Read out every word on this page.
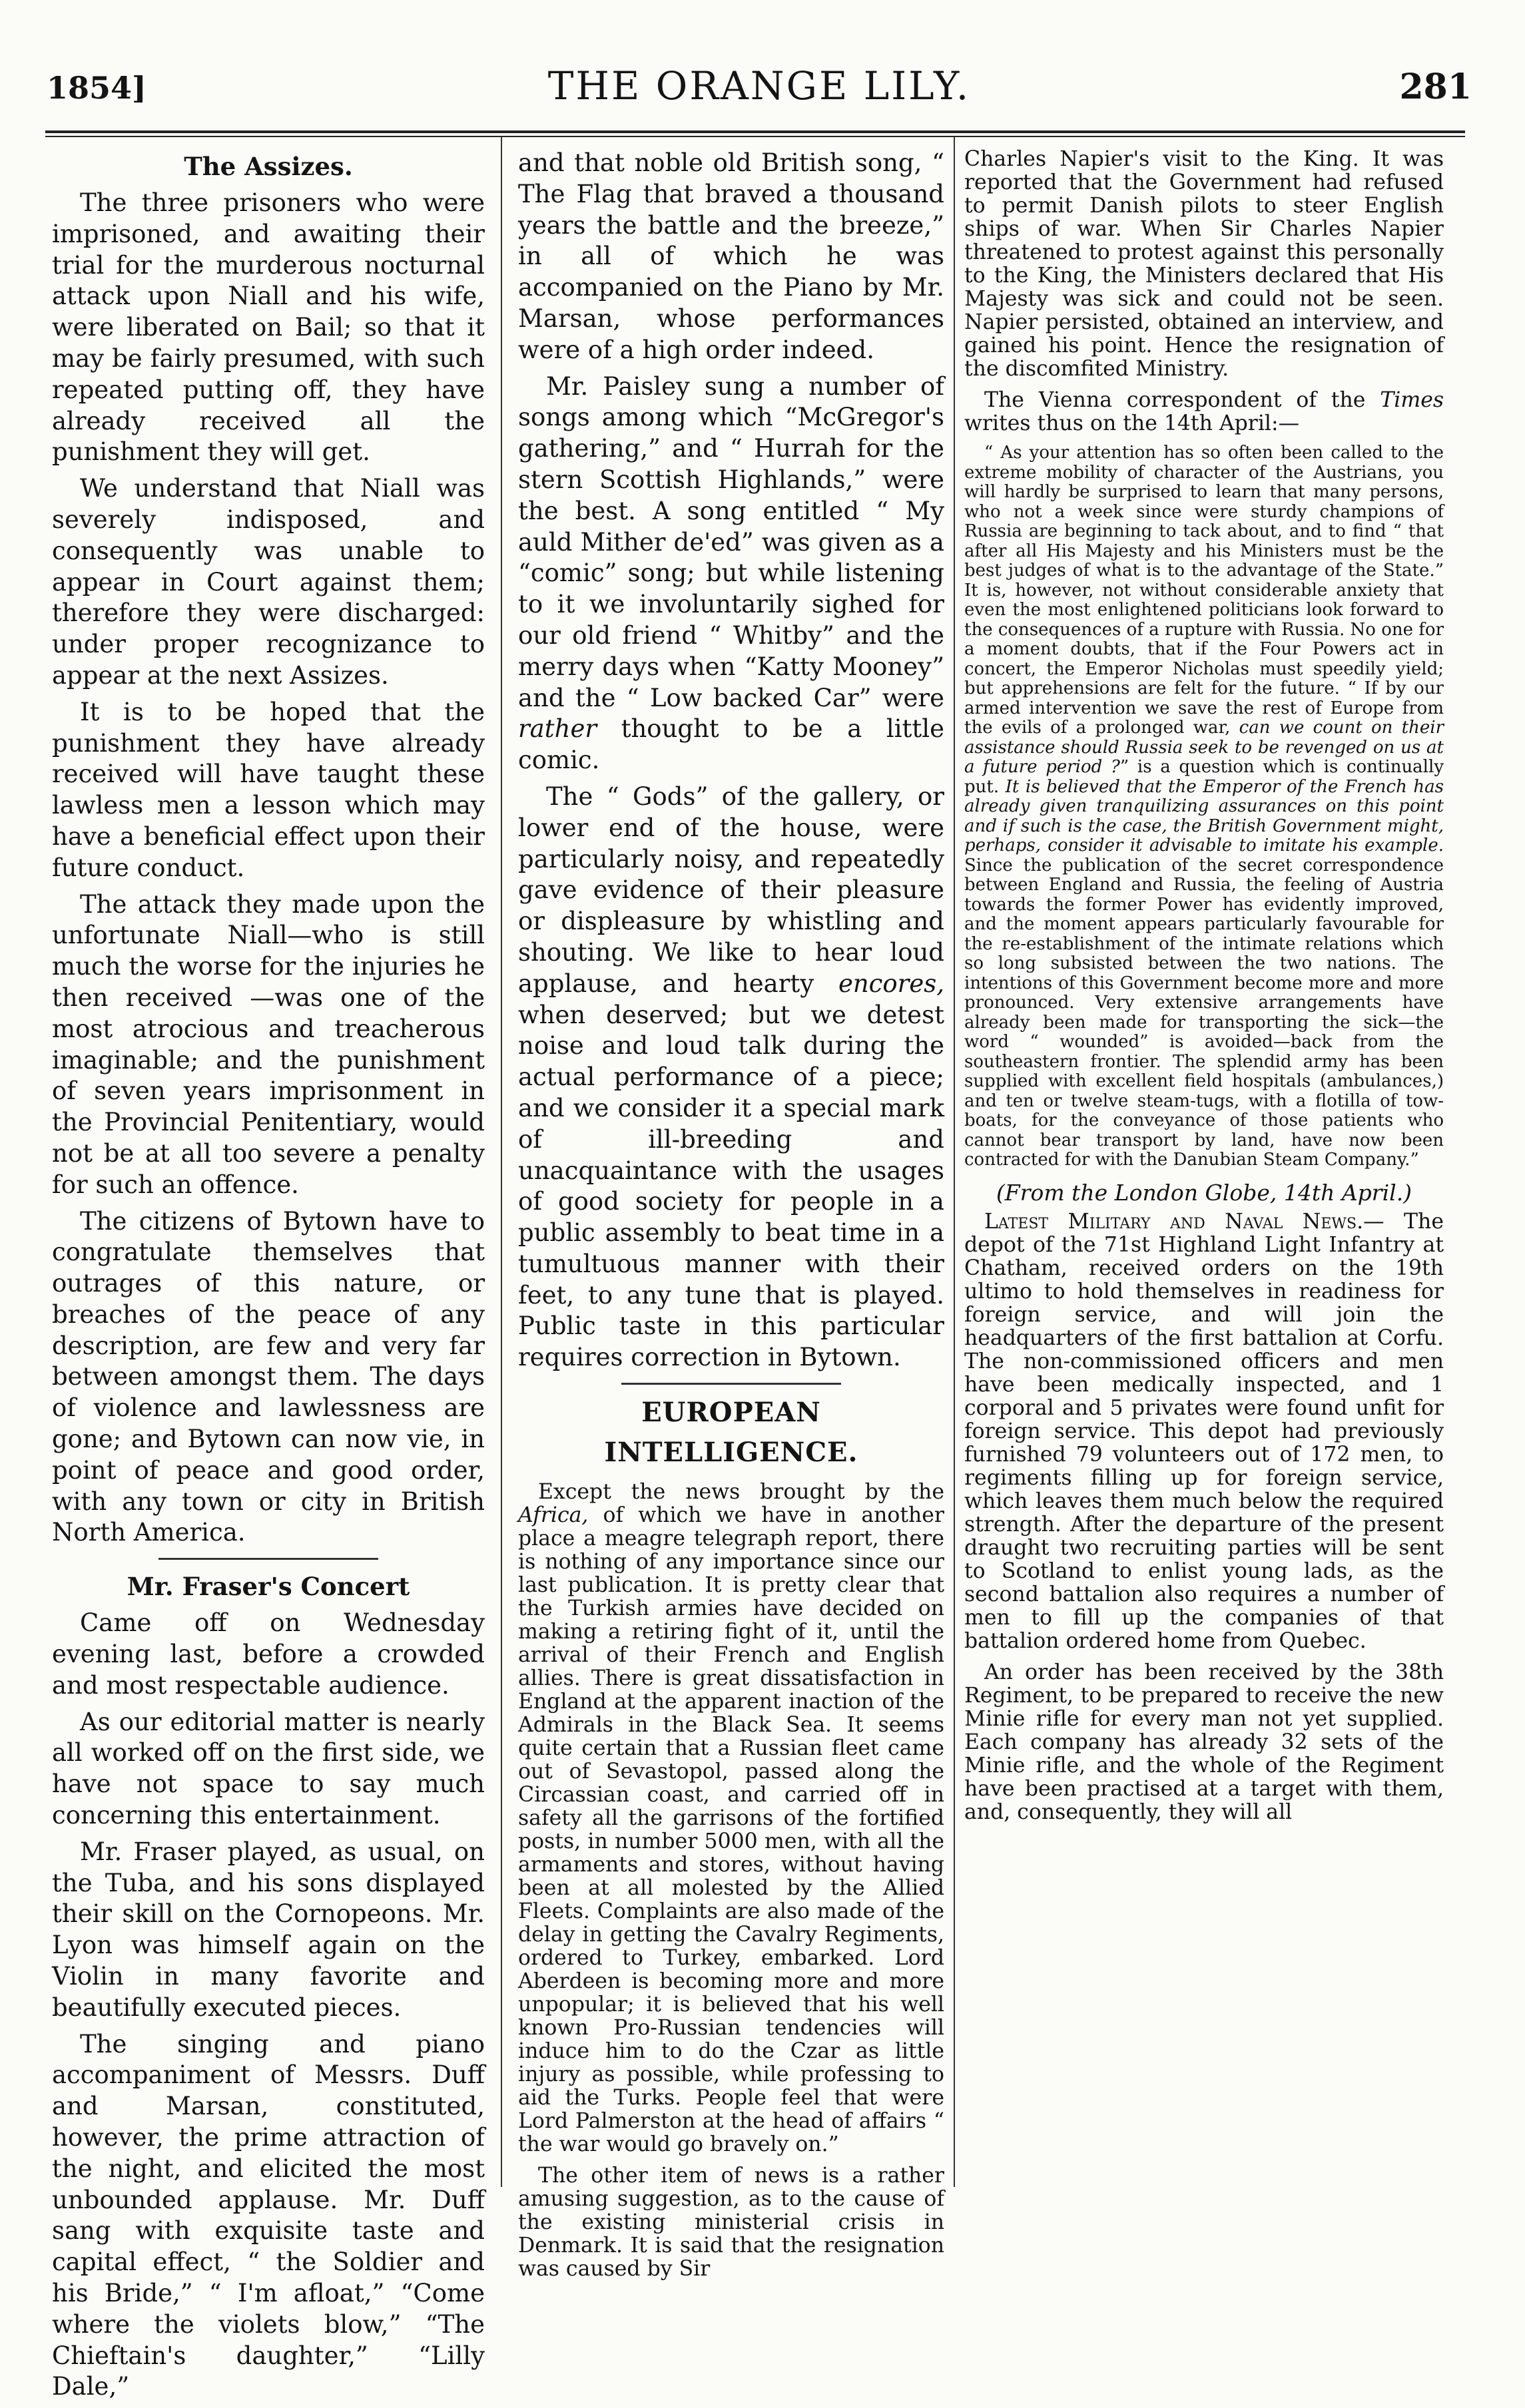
1854]	THE ORANGE LILY.	281
The Assizes.

The three prisoners who were imprisoned, and awaiting their trial for the murderous nocturnal attack upon Niall and his wife, were liberated on Bail; so that it may be fairly presumed, with such repeated putting off, they have already received all the punishment they will get.

We understand that Niall was severely indisposed, and consequently was unable to appear in Court against them; therefore they were discharged: under proper recognizance to appear at the next Assizes.

It is to be hoped that the punishment they have already received will have taught these lawless men a lesson which may have a beneficial effect upon their future conduct.

The attack they made upon the unfortunate Niall—who is still much the worse for the injuries he then received —was one of the most atrocious and treacherous imaginable; and the punishment of seven years imprisonment in the Provincial Penitentiary, would not be at all too severe a penalty for such an offence.

The citizens of Bytown have to congratulate themselves that outrages of this nature, or breaches of the peace of any description, are few and very far between amongst them. The days of violence and lawlessness are gone; and Bytown can now vie, in point of peace and good order, with any town or city in British North America.

Mr. Fraser's Concert

Came off on Wednesday evening last, before a crowded and most respectable audience.

As our editorial matter is nearly all worked off on the first side, we have not space to say much concerning this entertainment.

Mr. Fraser played, as usual, on the Tuba, and his sons displayed their skill on the Cornopeons. Mr. Lyon was himself again on the Violin in many favorite and beautifully executed pieces.

The singing and piano accompaniment of Messrs. Duff and Marsan, constituted, however, the prime attraction of the night, and elicited the most unbounded applause. Mr. Duff sang with exquisite taste and capital effect, “ the Soldier and his Bride,” “ I'm afloat,” “Come where the violets blow,” “The Chieftain's daughter,” “Lilly Dale,”

and that noble old British song, “ The Flag that braved a thousand years the battle and the breeze,” in all of which he was accompanied on the Piano by Mr. Marsan, whose performances were of a high order indeed.

Mr. Paisley sung a number of songs among which “McGregor's gathering,” and “ Hurrah for the stern Scottish Highlands,” were the best. A song entitled “ My auld Mither de'ed” was given as a “comic” song; but while listening to it we involuntarily sighed for our old friend “ Whitby” and the merry days when “Katty Mooney” and the “ Low backed Car” were rather thought to be a little comic.

The “ Gods” of the gallery, or lower end of the house, were particularly noisy, and repeatedly gave evidence of their pleasure or displeasure by whistling and shouting. We like to hear loud applause, and hearty encores, when deserved; but we detest noise and loud talk during the actual performance of a piece; and we consider it a special mark of ill-breeding and unacquaintance with the usages of good society for people in a public assembly to beat time in a tumultuous manner with their feet, to any tune that is played. Public taste in this particular requires correction in Bytown.

EUROPEAN INTELLIGENCE.

Except the news brought by the Africa, of which we have in another place a meagre telegraph report, there is nothing of any importance since our last publication. It is pretty clear that the Turkish armies have decided on making a retiring fight of it, until the arrival of their French and English allies. There is great dissatisfaction in England at the apparent inaction of the Admirals in the Black Sea. It seems quite certain that a Russian fleet came out of Sevastopol, passed along the Circassian coast, and carried off in safety all the garrisons of the fortified posts, in number 5000 men, with all the armaments and stores, without having been at all molested by the Allied Fleets. Complaints are also made of the delay in getting the Cavalry Regiments, ordered to Turkey, embarked. Lord Aberdeen is becoming more and more unpopular; it is believed that his well known Pro-Russian tendencies will induce him to do the Czar as little injury as possible, while professing to aid the Turks. People feel that were Lord Palmerston at the head of affairs “ the war would go bravely on.”

The other item of news is a rather amusing suggestion, as to the cause of the existing ministerial crisis in Denmark. It is said that the resignation was caused by Sir

Charles Napier's visit to the King. It was reported that the Government had refused to permit Danish pilots to steer English ships of war. When Sir Charles Napier threatened to protest against this personally to the King, the Ministers declared that His Majesty was sick and could not be seen. Napier persisted, obtained an interview, and gained his point. Hence the resignation of the discomfited Ministry.

The Vienna correspondent of the Times writes thus on the 14th April:—

“ As your attention has so often been called to the extreme mobility of character of the Austrians, you will hardly be surprised to learn that many persons, who not a week since were sturdy champions of Russia are beginning to tack about, and to find “ that after all His Majesty and his Ministers must be the best judges of what is to the advantage of the State.” It is, however, not without considerable anxiety that even the most enlightened politicians look forward to the consequences of a rupture with Russia. No one for a moment doubts, that if the Four Powers act in concert, the Emperor Nicholas must speedily yield; but apprehensions are felt for the future. “ If by our armed intervention we save the rest of Europe from the evils of a prolonged war, can we count on their assistance should Russia seek to be revenged on us at a future period ?” is a question which is continually put. It is believed that the Emperor of the French has already given tranquilizing assurances on this point and if such is the case, the British Government might, perhaps, consider it advisable to imitate his example. Since the publication of the secret correspondence between England and Russia, the feeling of Austria towards the former Power has evidently improved, and the moment appears particularly favourable for the re-establishment of the intimate relations which so long subsisted between the two nations. The intentions of this Government become more and more pronounced. Very extensive arrangements have already been made for transporting the sick—the word “ wounded” is avoided—back from the southeastern frontier. The splendid army has been supplied with excellent field hospitals (ambulances,) and ten or twelve steam-tugs, with a flotilla of tow-boats, for the conveyance of those patients who cannot bear transport by land, have now been contracted for with the Danubian Steam Company.”

(From the London Globe, 14th April.)

Latest Military and Naval News.— The depot of the 71st Highland Light Infantry at Chatham, received orders on the 19th ultimo to hold themselves in readiness for foreign service, and will join the headquarters of the first battalion at Corfu. The non-commissioned officers and men have been medically inspected, and 1 corporal and 5 privates were found unfit for foreign service. This depot had previously furnished 79 volunteers out of 172 men, to regiments filling up for foreign service, which leaves them much below the required strength. After the departure of the present draught two recruiting parties will be sent to Scotland to enlist young lads, as the second battalion also requires a number of men to fill up the companies of that battalion ordered home from Quebec.

An order has been received by the 38th Regiment, to be prepared to receive the new Minie rifle for every man not yet supplied. Each company has already 32 sets of the Minie rifle, and the whole of the Regiment have been practised at a target with them, and, consequently, they will all
